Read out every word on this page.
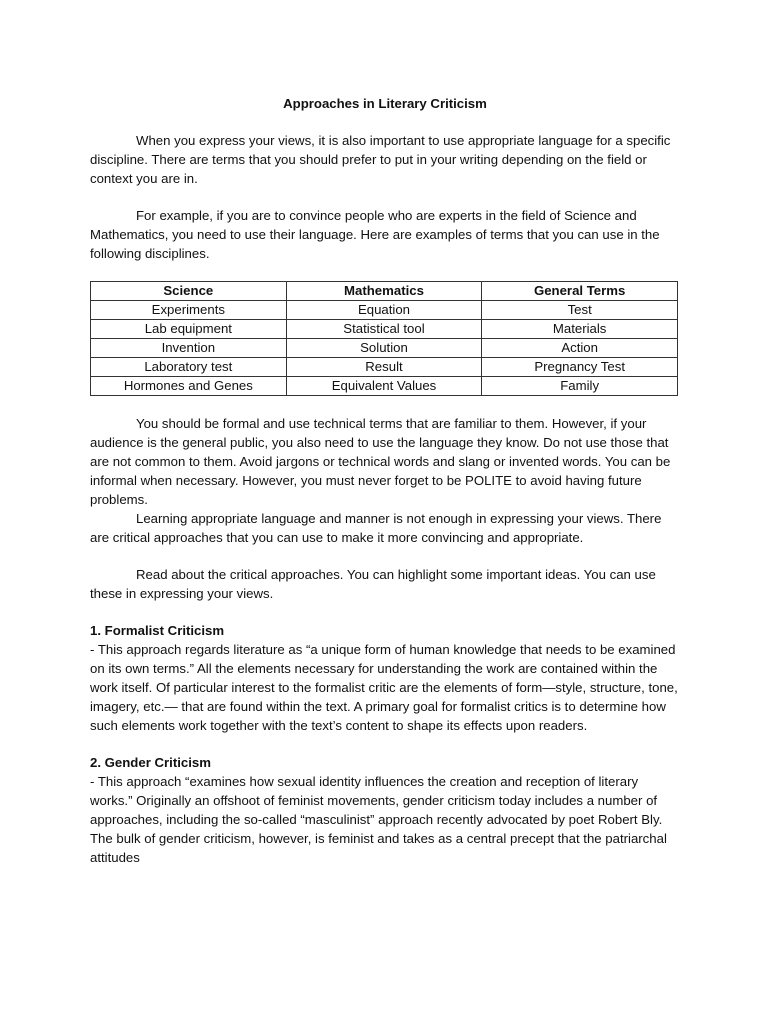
Approaches in Literary Criticism

When you express your views, it is also important to use appropriate language for a specific discipline. There are terms that you should prefer to put in your writing depending on the field or context you are in.

For example, if you are to convince people who are experts in the field of Science and Mathematics, you need to use their language. Here are examples of terms that you can use in the following disciplines.

Science	Mathematics	General Terms
Experiments	Equation	Test
Lab equipment	Statistical tool	Materials
Invention	Solution	Action
Laboratory test	Result	Pregnancy Test
Hormones and Genes	Equivalent Values	Family

You should be formal and use technical terms that are familiar to them. However, if your audience is the general public, you also need to use the language they know. Do not use those that are not common to them. Avoid jargons or technical words and slang or invented words. You can be informal when necessary. However, you must never forget to be POLITE to avoid having future problems.

Learning appropriate language and manner is not enough in expressing your views. There are critical approaches that you can use to make it more convincing and appropriate.

Read about the critical approaches. You can highlight some important ideas. You can use these in expressing your views.

1. Formalist Criticism

- This approach regards literature as “a unique form of human knowledge that needs to be examined on its own terms.” All the elements necessary for understanding the work are contained within the work itself. Of particular interest to the formalist critic are the elements of form—style, structure, tone, imagery, etc.— that are found within the text. A primary goal for formalist critics is to determine how such elements work together with the text’s content to shape its effects upon readers.

2. Gender Criticism

- This approach “examines how sexual identity influences the creation and reception of literary works.” Originally an offshoot of feminist movements, gender criticism today includes a number of approaches, including the so-called “masculinist” approach recently advocated by poet Robert Bly. The bulk of gender criticism, however, is feminist and takes as a central precept that the patriarchal attitudes
